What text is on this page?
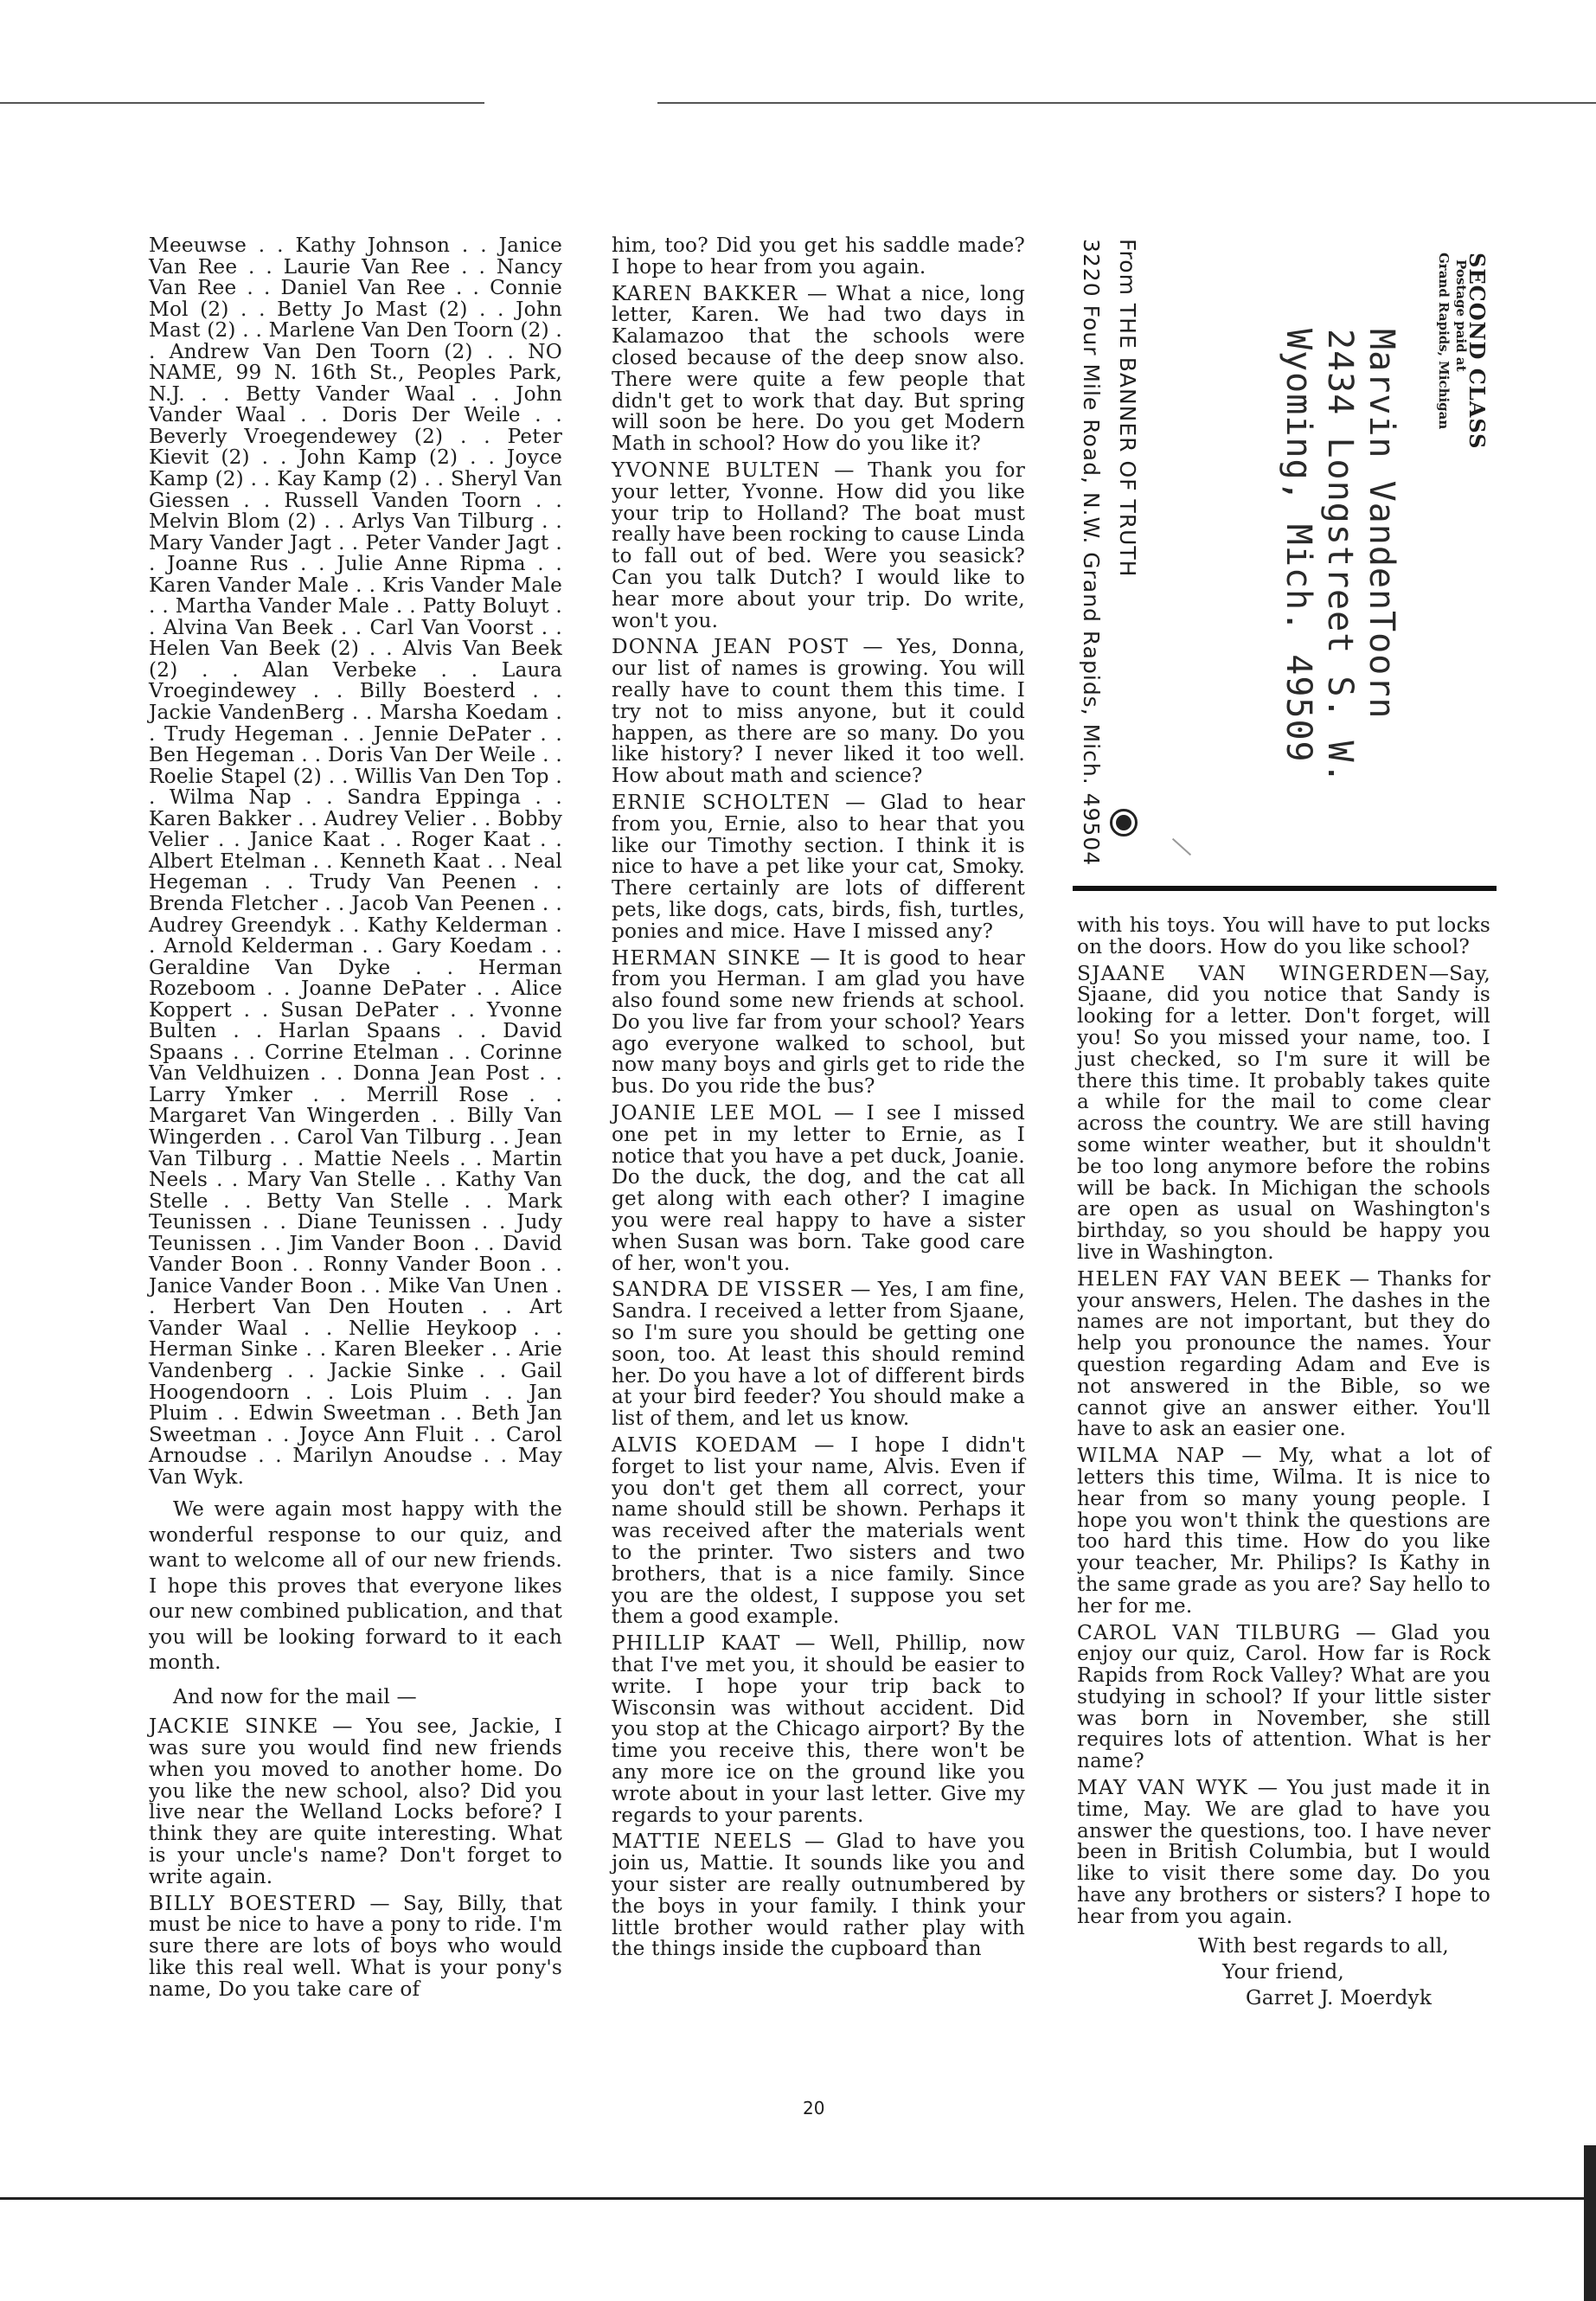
Meeuwse . . Kathy Johnson . . Janice Van Ree . . Laurie Van Ree . . Nancy Van Ree . . Daniel Van Ree . . Connie Mol (2) . . Betty Jo Mast (2) . . John Mast (2) . . Marlene Van Den Toorn (2) . . Andrew Van Den Toorn (2) . . NO NAME, 99 N. 16th St., Peoples Park, N.J. . . Betty Vander Waal . . John Vander Waal . . Doris Der Weile . . Beverly Vroegendewey (2) . . Peter Kievit (2) . . John Kamp (2) . . Joyce Kamp (2) . . Kay Kamp (2) . . Sheryl Van Giessen . . Russell Vanden Toorn . . Melvin Blom (2) . . Arlys Van Tilburg . . Mary Vander Jagt . . Peter Vander Jagt . . Joanne Rus . . Julie Anne Ripma . . Karen Vander Male . . Kris Vander Male . . Martha Vander Male . . Patty Boluyt . . Alvina Van Beek . . Carl Van Voorst . . Helen Van Beek (2) . . Alvis Van Beek (2) . . Alan Verbeke . . Laura Vroegindewey . . Billy Boesterd . . Jackie VandenBerg . . Marsha Koedam . . Trudy Hegeman . . Jennie DePater . . Ben Hegeman . . Doris Van Der Weile . . Roelie Stapel (2) . . Willis Van Den Top . . Wilma Nap . . Sandra Eppinga . . Karen Bakker . . Audrey Velier . . Bobby Velier . . Janice Kaat . . Roger Kaat . . Albert Etelman . . Kenneth Kaat . . Neal Hegeman . . Trudy Van Peenen . . Brenda Fletcher . . Jacob Van Peenen . . Audrey Greendyk . . Kathy Kelderman . . Arnold Kelderman . . Gary Koedam . . Geraldine Van Dyke . . Herman Rozeboom . . Joanne DePater . . Alice Koppert . . Susan DePater . . Yvonne Bulten . . Harlan Spaans . . David Spaans . . Corrine Etelman . . Corinne Van Veldhuizen . . Donna Jean Post . . Larry Ymker . . Merrill Rose . . Margaret Van Wingerden . . Billy Van Wingerden . . Carol Van Tilburg . . Jean Van Tilburg . . Mattie Neels . . Martin Neels . . Mary Van Stelle . . Kathy Van Stelle . . Betty Van Stelle . . Mark Teunissen . . Diane Teunissen . . Judy Teunissen . . Jim Vander Boon . . David Vander Boon . . Ronny Vander Boon . . Janice Vander Boon . . Mike Van Unen . . Herbert Van Den Houten . . Art Vander Waal . . Nellie Heykoop . . Herman Sinke . . Karen Bleeker . . Arie Vandenberg . . Jackie Sinke . . Gail Hoogendoorn . . Lois Pluim . . Jan Pluim . . Edwin Sweetman . . Beth Jan Sweetman . . Joyce Ann Fluit . . Carol Arnoudse . . Marilyn Anoudse . . May Van Wyk.

We were again most happy with the wonderful response to our quiz, and want to welcome all of our new friends. I hope this proves that everyone likes our new combined publication, and that you will be looking forward to it each month.

And now for the mail —

JACKIE SINKE — You see, Jackie, I was sure you would find new friends when you moved to another home. Do you like the new school, also? Did you live near the Welland Locks before? I think they are quite interesting. What is your uncle's name? Don't forget to write again.

BILLY BOESTERD — Say, Billy, that must be nice to have a pony to ride. I'm sure there are lots of boys who would like this real well. What is your pony's name, Do you take care of

him, too? Did you get his saddle made? I hope to hear from you again.

KAREN BAKKER — What a nice, long letter, Karen. We had two days in Kalamazoo that the schools were closed because of the deep snow also. There were quite a few people that didn't get to work that day. But spring will soon be here. Do you get Modern Math in school? How do you like it?

YVONNE BULTEN — Thank you for your letter, Yvonne. How did you like your trip to Holland? The boat must really have been rocking to cause Linda to fall out of bed. Were you seasick? Can you talk Dutch? I would like to hear more about your trip. Do write, won't you.

DONNA JEAN POST — Yes, Donna, our list of names is growing. You will really have to count them this time. I try not to miss anyone, but it could happen, as there are so many. Do you like history? I never liked it too well. How about math and science?

ERNIE SCHOLTEN — Glad to hear from you, Ernie, also to hear that you like our Timothy section. I think it is nice to have a pet like your cat, Smoky. There certainly are lots of different pets, like dogs, cats, birds, fish, turtles, ponies and mice. Have I missed any?

HERMAN SINKE — It is good to hear from you Herman. I am glad you have also found some new friends at school. Do you live far from your school? Years ago everyone walked to school, but now many boys and girls get to ride the bus. Do you ride the bus?

JOANIE LEE MOL — I see I missed one pet in my letter to Ernie, as I notice that you have a pet duck, Joanie. Do the duck, the dog, and the cat all get along with each other? I imagine you were real happy to have a sister when Susan was born. Take good care of her, won't you.

SANDRA DE VISSER — Yes, I am fine, Sandra. I received a letter from Sjaane, so I'm sure you should be getting one soon, too. At least this should remind her. Do you have a lot of different birds at your bird feeder? You should make a list of them, and let us know.

ALVIS KOEDAM — I hope I didn't forget to list your name, Alvis. Even if you don't get them all correct, your name should still be shown. Perhaps it was received after the materials went to the printer. Two sisters and two brothers, that is a nice family. Since you are the oldest, I suppose you set them a good example.

PHILLIP KAAT — Well, Phillip, now that I've met you, it should be easier to write. I hope your trip back to Wisconsin was without accident. Did you stop at the Chicago airport? By the time you receive this, there won't be any more ice on the ground like you wrote about in your last letter. Give my regards to your parents.

MATTIE NEELS — Glad to have you join us, Mattie. It sounds like you and your sister are really outnumbered by the boys in your family. I think your little brother would rather play with the things inside the cupboard than

SECOND CLASS
Postage paid at
Grand Rapids, Michigan
Marvin VandenToorn
2434 Longstreet S. W.
Wyoming, Mich. 49509
From THE BANNER OF TRUTH
3220 Four Mile Road, N.W. Grand Rapids, Mich. 49504

with his toys. You will have to put locks on the doors. How do you like school?

SJAANE VAN WINGERDEN—Say, Sjaane, did you notice that Sandy is looking for a letter. Don't forget, will you! So you missed your name, too. I just checked, so I'm sure it will be there this time. It probably takes quite a while for the mail to come clear across the country. We are still having some winter weather, but it shouldn't be too long anymore before the robins will be back. In Michigan the schools are open as usual on Washington's birthday, so you should be happy you live in Washington.

HELEN FAY VAN BEEK — Thanks for your answers, Helen. The dashes in the names are not important, but they do help you pronounce the names. Your question regarding Adam and Eve is not answered in the Bible, so we cannot give an answer either. You'll have to ask an easier one.

WILMA NAP — My, what a lot of letters this time, Wilma. It is nice to hear from so many young people. I hope you won't think the questions are too hard this time. How do you like your teacher, Mr. Philips? Is Kathy in the same grade as you are? Say hello to her for me.

CAROL VAN TILBURG — Glad you enjoy our quiz, Carol. How far is Rock Rapids from Rock Valley? What are you studying in school? If your little sister was born in November, she still requires lots of attention. What is her name?

MAY VAN WYK — You just made it in time, May. We are glad to have you answer the questions, too. I have never been in British Columbia, but I would like to visit there some day. Do you have any brothers or sisters? I hope to hear from you again.

With best regards to all,
Your friend,
Garret J. Moerdyk
20
